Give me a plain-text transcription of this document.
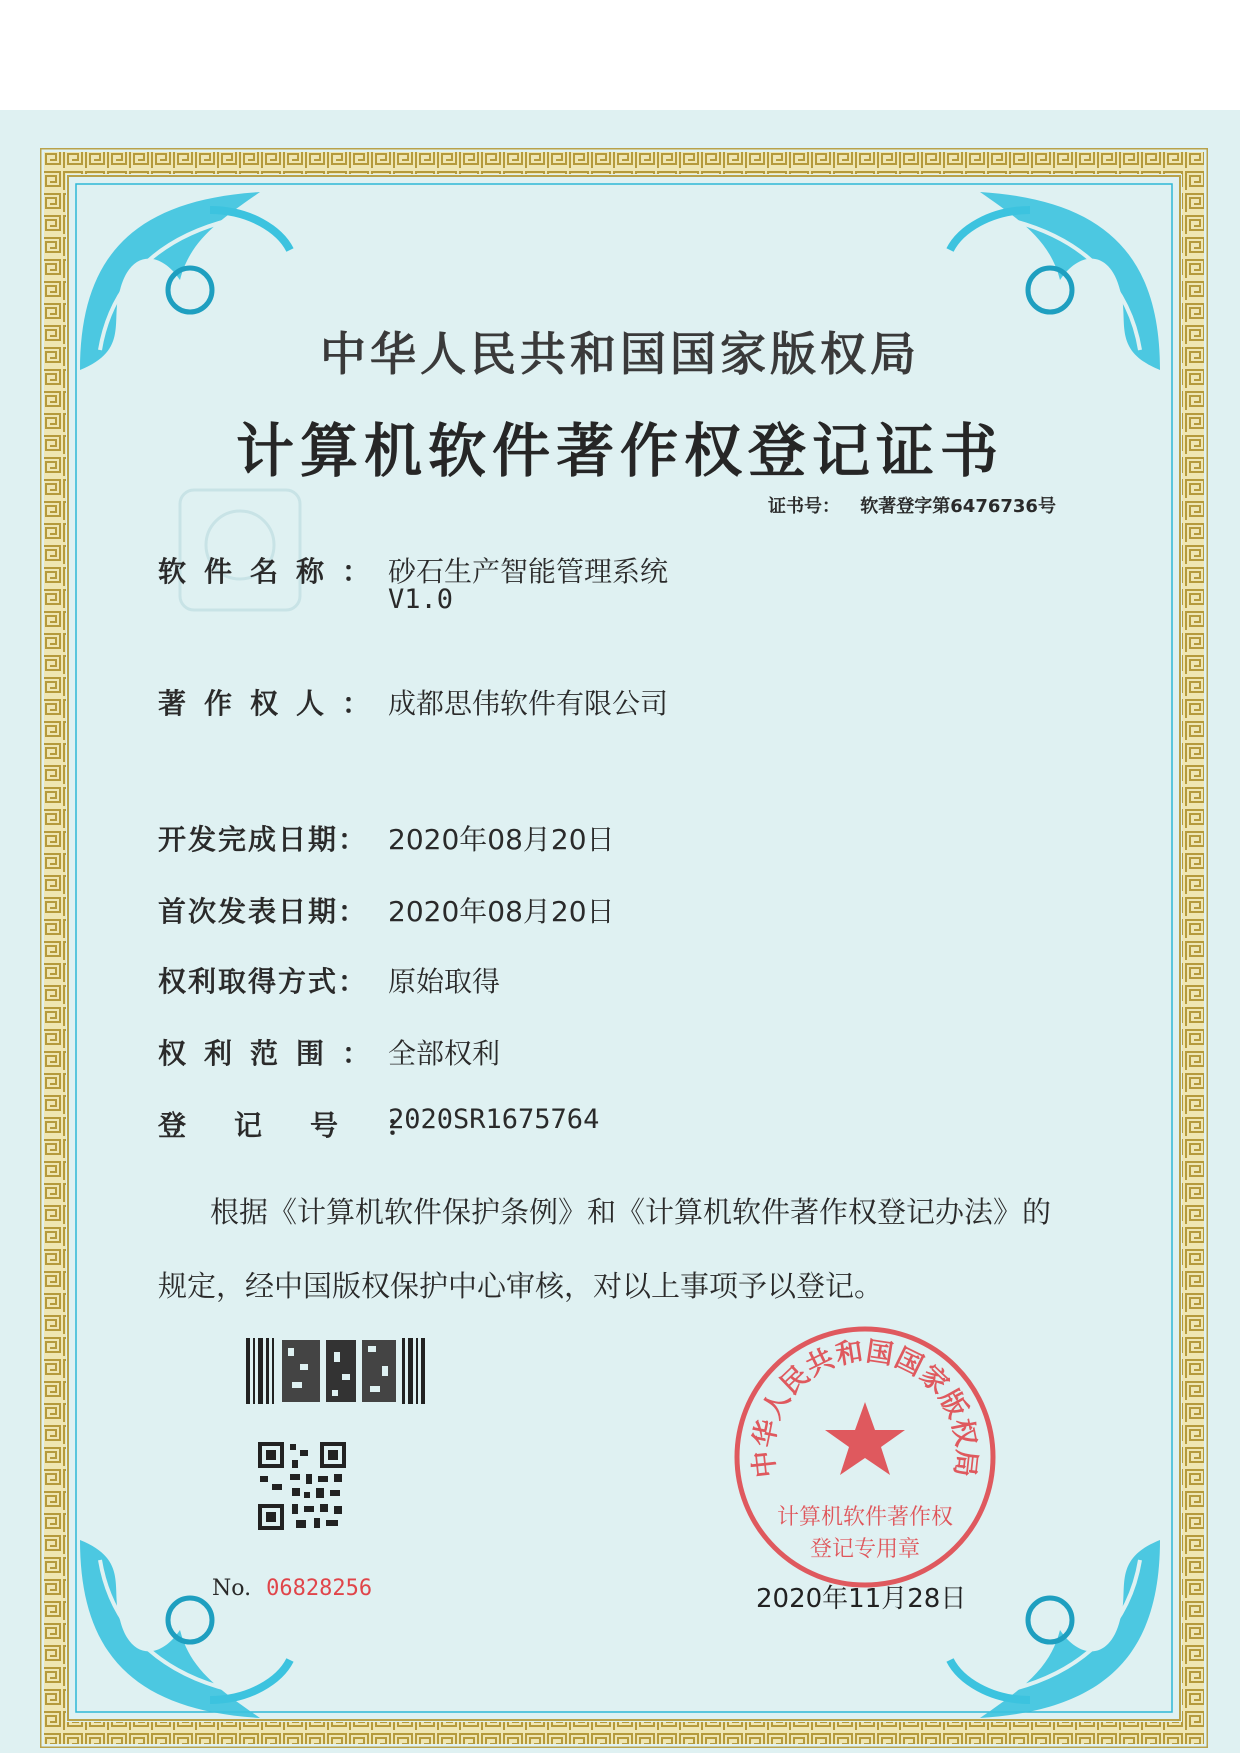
中华人民共和国国家版权局
计算机软件著作权登记证书
证书号： 软著登字第6476736号
软件名称： 砂石生产智能管理系统
V1.0
著作权人： 成都思伟软件有限公司
开发完成日期： 2020年08月20日
首次发表日期： 2020年08月20日
权利取得方式： 原始取得
权利范围： 全部权利
登记号：
2020SR1675764
根据《计算机软件保护条例》和《计算机软件著作权登记办法》的
规定，经中国版权保护中心审核，对以上事项予以登记。
No. 06828256
中华人民共和国国家版权局
计算机软件著作权
登记专用章
2020年11月28日
